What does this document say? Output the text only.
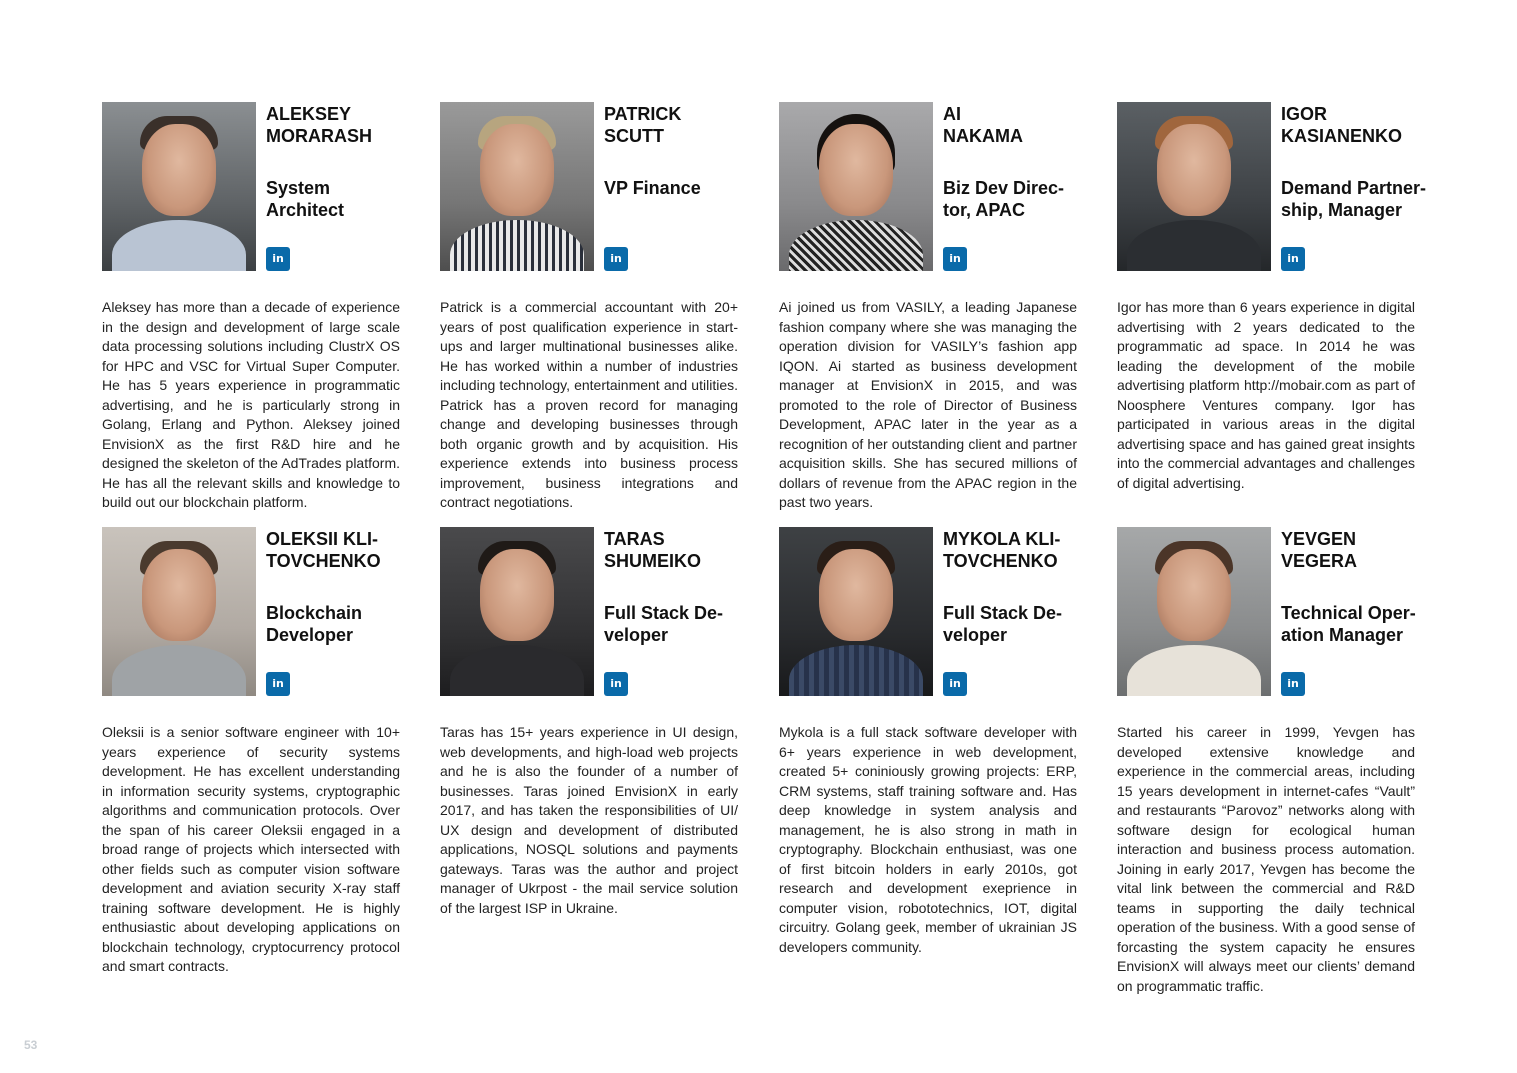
ALEKSEY
MORARASH

System
Architect

in

Aleksey has more than a decade of experience in the design and development of large scale data processing solutions including ClustrX OS for HPC and VSC for Virtual Super Computer. He has 5 years experience in programmatic advertising, and he is particularly strong in Golang, Erlang and Python. Aleksey joined EnvisionX as the first R&D hire and he designed the skeleton of the AdTrades platform. He has all the relevant skills and knowledge to build out our blockchain platform.

PATRICK
SCUTT

VP Finance

in

Patrick is a commercial accountant with 20+ years of post qualification experience in start-ups and larger multinational businesses alike. He has worked within a number of industries including technology, entertainment and utilities. Patrick has a proven record for managing change and developing businesses through both organic growth and by acquisition. His experience extends into business process improvement, business integrations and contract negotiations.

AI
NAKAMA

Biz Dev Direc-
tor, APAC

in

Ai joined us from VASILY, a leading Japanese fashion company where she was managing the operation division for VASILY’s fashion app IQON. Ai started as business development manager at EnvisionX in 2015, and was promoted to the role of Director of Business Development, APAC later in the year as a recognition of her outstanding client and partner acquisition skills. She has secured millions of dollars of revenue from the APAC region in the past two years.

IGOR
KASIANENKO

Demand Partner-
ship, Manager

in

Igor has more than 6 years experience in digital advertising with 2 years dedicated to the programmatic ad space. In 2014 he was leading the development of the mobile advertising platform http://mobair.com as part of Noosphere Ventures company. Igor has participated in various areas in the digital advertising space and has gained great insights into the commercial advantages and challenges of digital advertising.

OLEKSII KLI-
TOVCHENKO

Blockchain
Developer

in

Oleksii is a senior software engineer with 10+ years experience of security systems development. He has excellent understanding in information security systems, cryptographic algorithms and communication protocols. Over the span of his career Oleksii engaged in a broad range of projects which intersected with other fields such as computer vision software development and aviation security X-ray staff training software development. He is highly enthusiastic about developing applications on blockchain technology, cryptocurrency protocol and smart contracts.

TARAS
SHUMEIKO

Full Stack De-
veloper

in

Taras has 15+ years experience in UI design, web developments, and high-load web projects and he is also the founder of a number of businesses. Taras joined EnvisionX in early 2017, and has taken the responsibilities of UI/ UX design and development of distributed applications, NOSQL solutions and payments gateways. Taras was the author and project manager of Ukrpost - the mail service solution of the largest ISP in Ukraine.

MYKOLA KLI-
TOVCHENKO

Full Stack De-
veloper

in

Mykola is a full stack software developer with 6+ years experience in web development, created 5+ coniniously growing projects: ERP, CRM systems, staff training software and. Has deep knowledge in system analysis and management, he is also strong in math in cryptography. Blockchain enthusiast, was one of first bitcoin holders in early 2010s, got research and development exeprience in computer vision, robototechnics, IOT, digital circuitry. Golang geek, member of ukrainian JS developers community.

YEVGEN
VEGERA

Technical Oper-
ation Manager

in

Started his career in 1999, Yevgen has developed extensive knowledge and experience in the commercial areas, including 15 years development in internet-cafes “Vault” and restaurants “Parovoz” networks along with software design for ecological human interaction and business process automation. Joining in early 2017, Yevgen has become the vital link between the commercial and R&D teams in supporting the daily technical operation of the business. With a good sense of forcasting the system capacity he ensures EnvisionX will always meet our clients’ demand on programmatic traffic.

53
